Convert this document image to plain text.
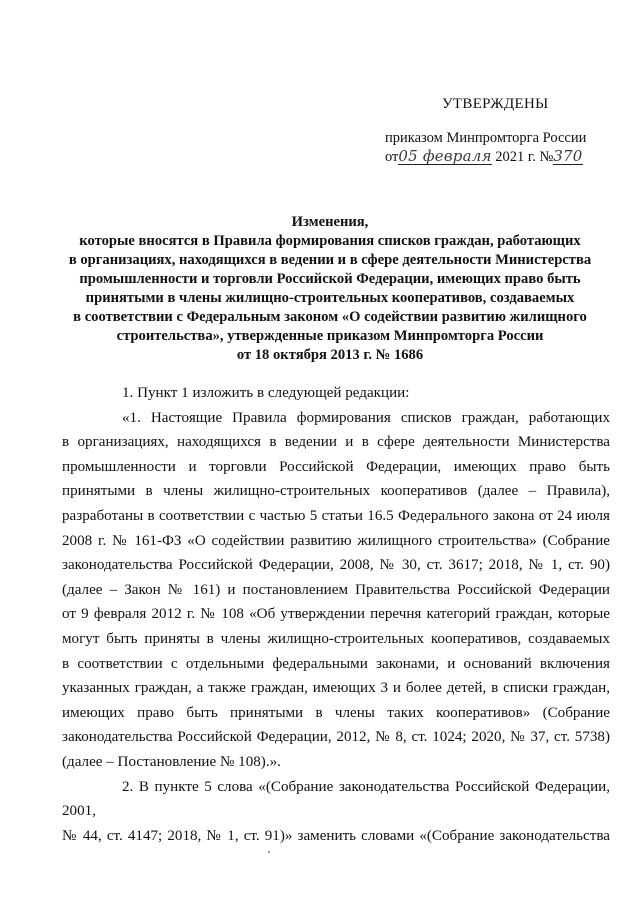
УТВЕРЖДЕНЫ
приказом Минпромторга России
от05 февраля 2021 г. №370
Изменения,
которые вносятся в Правила формирования списков граждан, работающих
в организациях, находящихся в ведении и в сфере деятельности Министерства
промышленности и торговли Российской Федерации, имеющих право быть
принятыми в члены жилищно-строительных кооперативов, создаваемых
в соответствии с Федеральным законом «О содействии развитию жилищного
строительства», утвержденные приказом Минпромторга России
от 18 октября 2013 г. № 1686

1. Пункт 1 изложить в следующей редакции:

«1. Настоящие Правила формирования списков граждан, работающих

в организациях, находящихся в ведении и в сфере деятельности Министерства

промышленности и торговли Российской Федерации, имеющих право быть

принятыми в члены жилищно-строительных кооперативов (далее – Правила),

разработаны в соответствии с частью 5 статьи 16.5 Федерального закона от 24 июля

2008 г. № 161-ФЗ «О содействии развитию жилищного строительства» (Собрание

законодательства Российской Федерации, 2008, № 30, ст. 3617; 2018, № 1, ст. 90)

(далее – Закон № 161) и постановлением Правительства Российской Федерации

от 9 февраля 2012 г. № 108 «Об утверждении перечня категорий граждан, которые

могут быть приняты в члены жилищно-строительных кооперативов, создаваемых

в соответствии с отдельными федеральными законами, и оснований включения

указанных граждан, а также граждан, имеющих 3 и более детей, в списки граждан,

имеющих право быть принятыми в члены таких кооперативов» (Собрание

законодательства Российской Федерации, 2012, № 8, ст. 1024; 2020, № 37, ст. 5738)

(далее – Постановление № 108).».

2. В пункте 5 слова «(Собрание законодательства Российской Федерации, 2001,

№ 44, ст. 4147; 2018, № 1, ст. 91)» заменить словами «(Собрание законодательства
